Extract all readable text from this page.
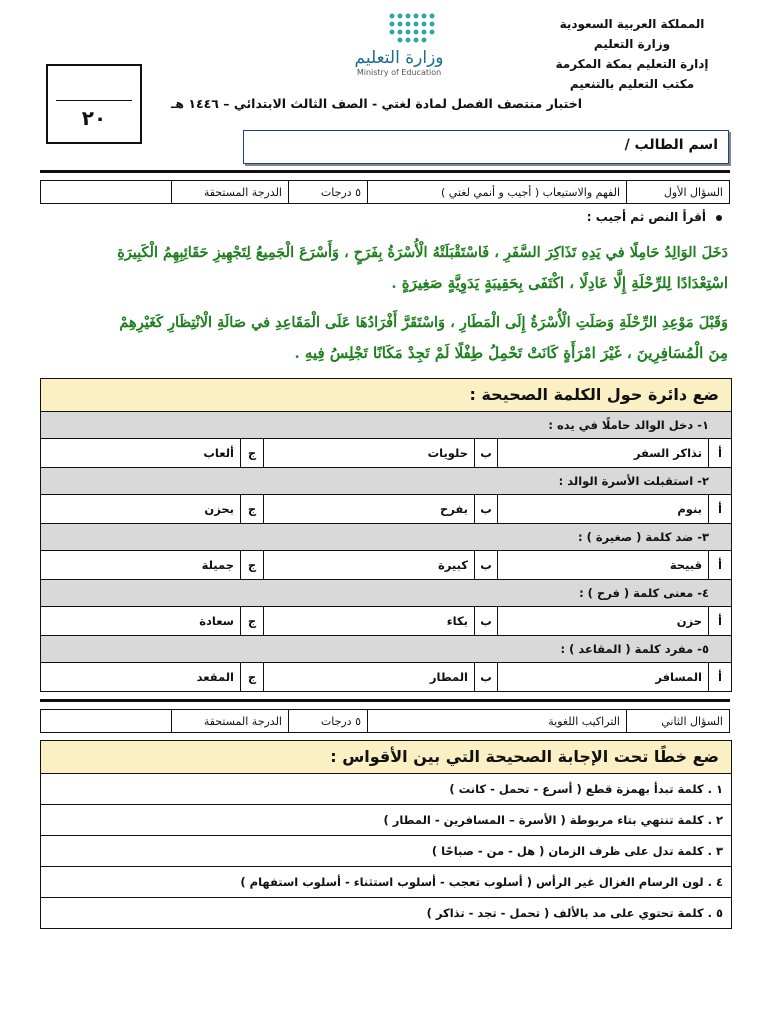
المملكة العربية السعودية
وزارة التعليم
إدارة التعليم بمكة المكرمة
مكتب التعليم بالتنعيم
وزارة التعليم
Ministry of Education
٢٠
اختبار منتصف الفصل لمادة لغتي - الصف الثالث الابتدائي – ١٤٤٦ هـ
اسم الطالب /
السؤال الأول
الفهم والاستيعاب ( أجيب و أنمي لغتي )
٥ درجات
الدرجة المستحقة
أقرأ النص ثم أجيب :
دَخَلَ الوَالِدُ حَامِلًا في يَدِهِ تَذَاكِرَ السَّفَرِ ، فَاسْتَقْبَلَتْهُ الْأُسْرَةُ بِفَرَحٍ ، وَأَسْرَعَ الْجَمِيعُ لِتَجْهِيزِ حَقَائِبِهِمُ الْكَبِيرَةِ
اسْتِعْدَادًا لِلرِّحْلَةِ إِلَّا عَادِلًا ، اكْتَفَى بِحَقِيبَةٍ يَدَوِيَّةٍ صَغِيرَةٍ .
وَقَبْلَ مَوْعِدِ الرِّحْلَةِ وَصَلَتِ الْأُسْرَةُ إِلَى الْمَطَارِ ، وَاسْتَقَرَّ أَفْرَادُهَا عَلَى الْمَقَاعِدِ في صَالَةِ الْانْتِظَارِ كَغَيْرِهِمْ
مِنَ الْمُسَافِرِينَ ، غَيْرَ امْرَأَةٍ كَانَتْ تَحْمِلُ طِفْلًا لَمْ تَجِدْ مَكَانًا تَجْلِسُ فِيهِ .
ضع دائرة حول الكلمة الصحيحة :
١- دخل الوالد حاملًا في يده :
أ
تذاكر السفر
ب
حلويات
ج
ألعاب
٢- استقبلت الأسرة الوالد :
أ
بنوم
ب
بفرح
ج
بحزن
٣- ضد كلمة ( صغيرة ) :
أ
قبيحة
ب
كبيرة
ج
جميلة
٤- معنى كلمة ( فرح ) :
أ
حزن
ب
بكاء
ج
سعادة
٥- مفرد كلمة ( المقاعد ) :
أ
المسافر
ب
المطار
ج
المقعد
السؤال الثاني
التراكيب اللغوية
٥ درجات
الدرجة المستحقة
ضع خطًا تحت الإجابة الصحيحة التي بين الأقواس :
١ . كلمة تبدأ بهمزة قطع ( أسرع - تحمل - كانت )
٢ . كلمة تنتهي بتاء مربوطة ( الأسرة – المسافرين - المطار )
٣ . كلمة تدل على ظرف الزمان ( هل - من - صباحًا )
٤ . لون الرسام الغزال غير الرأس ( أسلوب تعجب - أسلوب استثناء - أسلوب استفهام )
٥ . كلمة تحتوي على مد بالألف ( تحمل - تجد - تذاكر )
